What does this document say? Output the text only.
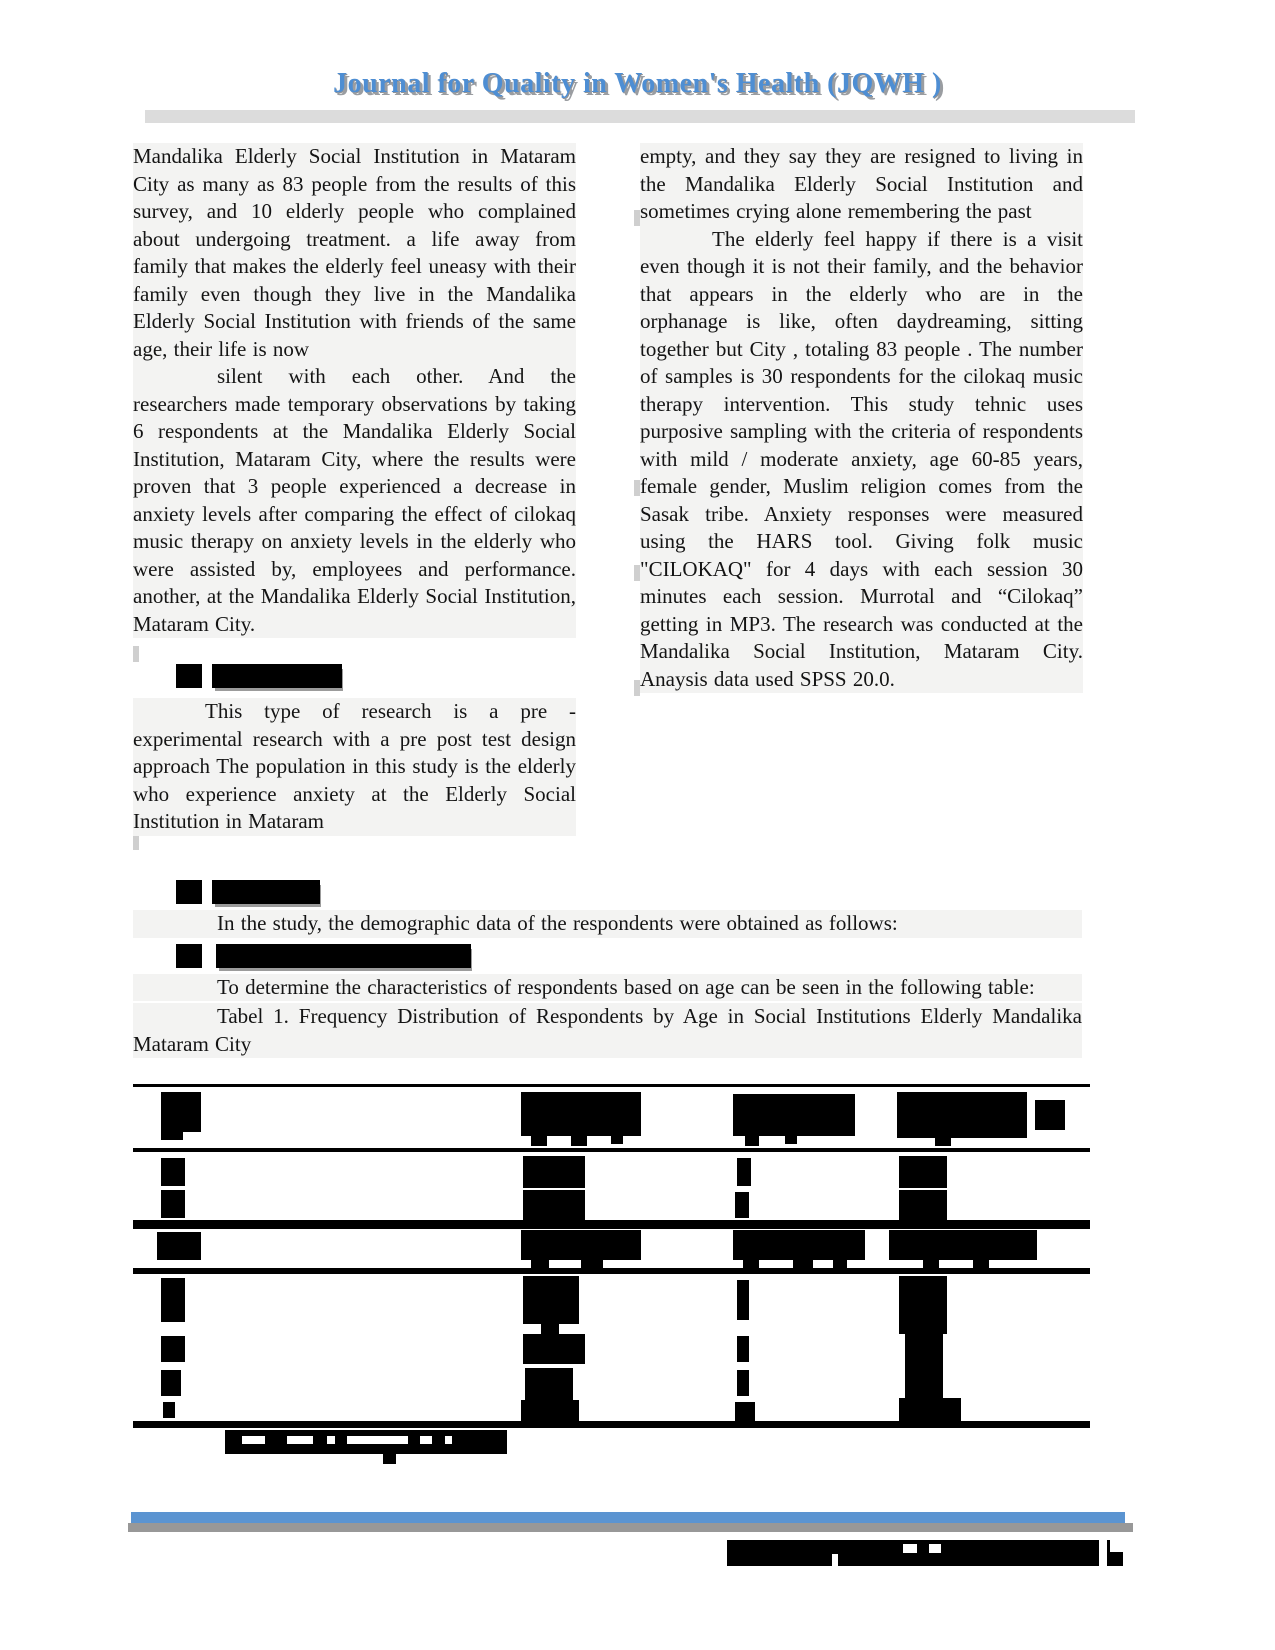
Journal for Quality in Women's Health (JQWH )

Mandalika Elderly Social Institution in Mataram City as many as 83 people from the results of this survey, and 10 elderly people who complained about undergoing treatment. a life away from family that makes the elderly feel uneasy with their family even though they live in the Mandalika Elderly Social Institution with friends of the same age, their life is now

silent with each other. And the researchers made temporary observations by taking 6 respondents at the Mandalika Elderly Social Institution, Mataram City, where the results were proven that 3 people experienced a decrease in anxiety levels after comparing the effect of cilokaq music therapy on anxiety levels in the elderly who were assisted by, employees and performance. another, at the Mandalika Elderly Social Institution, Mataram City.

This type of research is a pre - experimental research with a pre post test design approach The population in this study is the elderly who experience anxiety at the Elderly Social Institution in Mataram

empty, and they say they are resigned to living in the Mandalika Elderly Social Institution and sometimes crying alone remembering the past

The elderly feel happy if there is a visit even though it is not their family, and the behavior that appears in the elderly who are in the orphanage is like, often daydreaming, sitting together but City , totaling 83 people . The number of samples is 30 respondents for the cilokaq music therapy intervention. This study tehnic uses purposive sampling with the criteria of respondents with mild / moderate anxiety, age 60-85 years, female gender, Muslim religion comes from the Sasak tribe. Anxiety responses were measured using the HARS tool. Giving folk music "CILOKAQ" for 4 days with each session 30 minutes each session. Murrotal and “Cilokaq” getting in MP3. The research was conducted at the Mandalika Social Institution, Mataram City. Anaysis data used SPSS 20.0.

In the study, the demographic data of the respondents were obtained as follows:

To determine the characteristics of respondents based on age can be seen in the following table:

Tabel 1. Frequency Distribution of Respondents by Age in Social Institutions Elderly Mandalika Mataram City
